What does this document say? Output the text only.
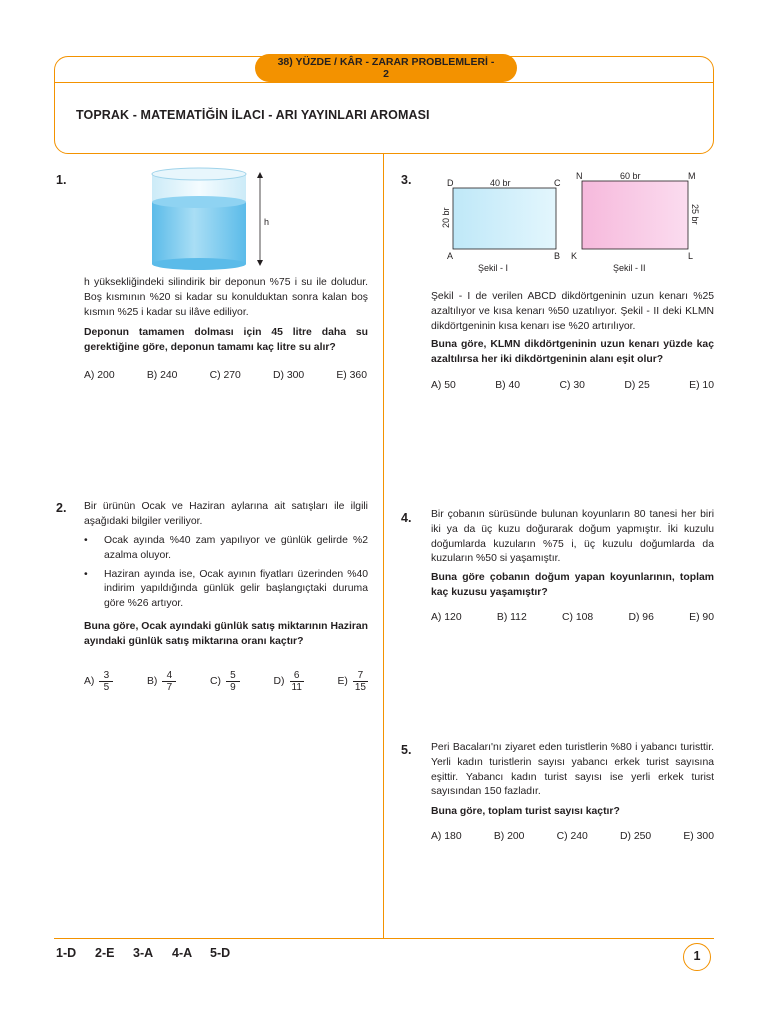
38) YÜZDE / KÂR - ZARAR PROBLEMLERİ -
2
TOPRAK - MATEMATİĞİN İLACI - ARI YAYINLARI AROMASI
1.
h
h yüksekliğindeki silindirik bir deponun %75 i su ile doludur. Boş kısmının %20 si kadar su konulduktan sonra kalan boş kısmın %25 i kadar su ilâve ediliyor.
Deponun tamamen dolması için 45 litre daha su gerektiğine göre, deponun tamamı kaç litre su alır?
A) 200	B) 240	C) 270	D) 300	E) 360
2. Bir ürünün Ocak ve Haziran aylarına ait satışları ile ilgili aşağıdaki bilgiler veriliyor.
•	Ocak ayında %40 zam yapılıyor ve günlük gelirde %2 azalma oluyor.
•	Haziran ayında ise, Ocak ayının fiyatları üzerinden %40 indirim yapıldığında günlük gelir başlangıçtaki duruma göre %26 artıyor.
Buna göre, Ocak ayındaki günlük satış miktarının Haziran ayındaki günlük satış miktarına oranı kaçtır?
$A) \frac{3}{5}$	$B) \frac{4}{7}$	$C) \frac{5}{9}$	$D) \frac{6}{11}$	$E) \frac{7}{15}$
3.	D	C
A	B
40 br
20 br
Şekil - I
N	M
K	L
60 br
25 br
Şekil - II
Şekil - I de verilen ABCD dikdörtgeninin uzun kenarı %25 azaltılıyor ve kısa kenarı %50 uzatılıyor. Şekil - II deki KLMN dikdörtgeninin kısa kenarı ise %20 artırılıyor.
Buna göre, KLMN dikdörtgeninin uzun kenarı yüzde kaç azaltılırsa her iki dikdörtgeninin alanı eşit olur?
A) 50	B) 40	C) 30	D) 25	E) 10
4. Bir çobanın sürüsünde bulunan koyunların 80 tanesi her biri iki ya da üç kuzu doğurarak doğum yapmıştır. İki kuzulu doğumlarda kuzuların %75 i, üç kuzulu doğumlarda da kuzuların %50 si yaşamıştır.
Buna göre çobanın doğum yapan koyunlarının, toplam kaç kuzusu yaşamıştır?
A) 120	B) 112	C) 108	D) 96	E) 90
5. Peri Bacaları'nı ziyaret eden turistlerin %80 i yabancı turisttir. Yerli kadın turistlerin sayısı yabancı erkek turist sayısına eşittir. Yabancı kadın turist sayısı ise yerli erkek turist sayısından 150 fazladır.
Buna göre, toplam turist sayısı kaçtır?
A) 180	B) 200	C) 240	D) 250	E) 300
1-D	2-E	3-A	4-A	5-D	1
